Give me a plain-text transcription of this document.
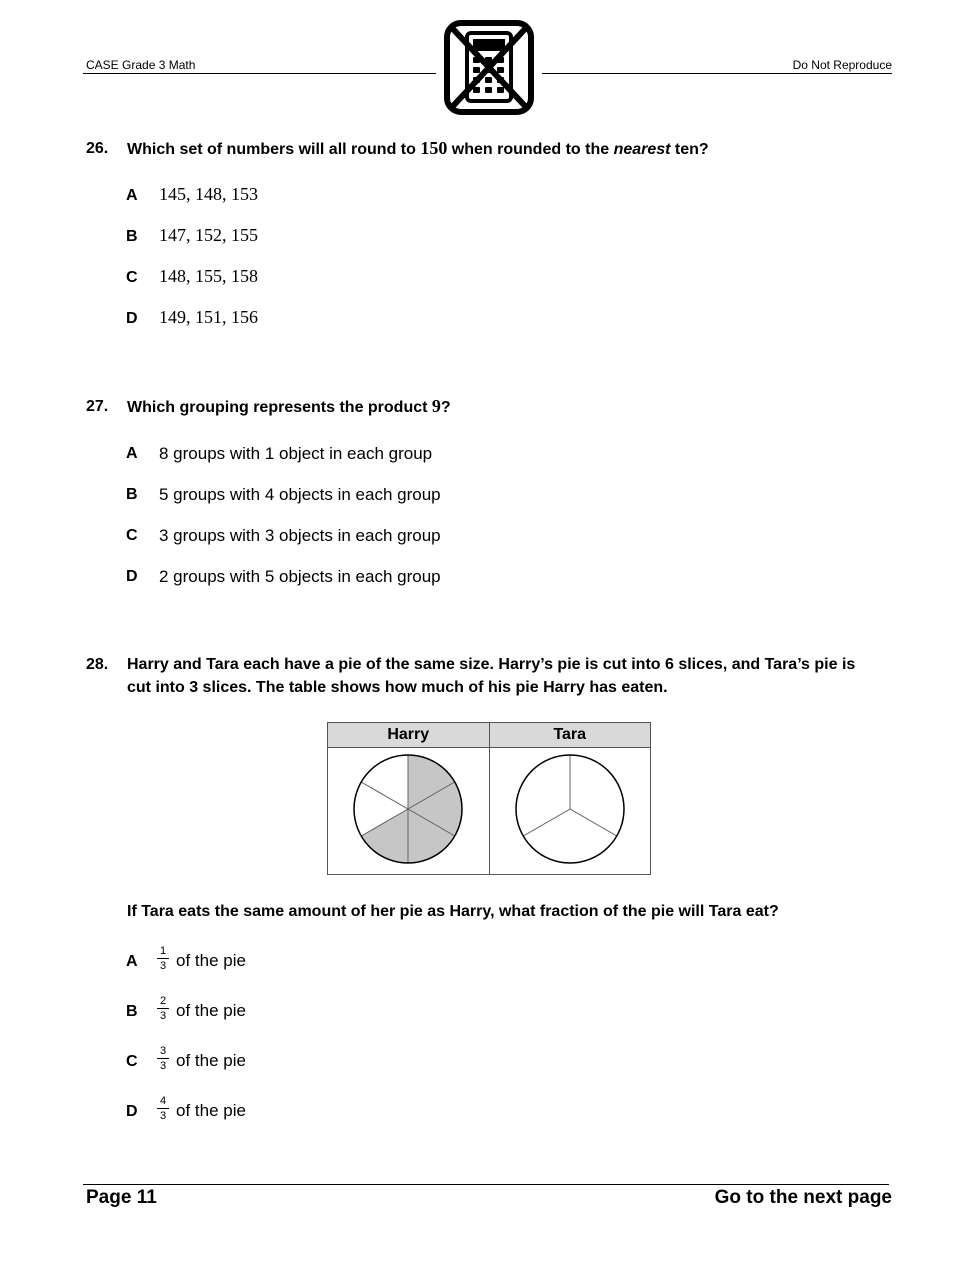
CASE Grade 3 Math	Do Not Reproduce
26. Which set of numbers will all round to 150 when rounded to the nearest ten?
A 145, 148, 153
B 147, 152, 155
C 148, 155, 158
D 149, 151, 156
27. Which grouping represents the product 9?
A 8 groups with 1 object in each group
B 5 groups with 4 objects in each group
C 3 groups with 3 objects in each group
D 2 groups with 5 objects in each group
28. Harry and Tara each have a pie of the same size. Harry’s pie is cut into 6 slices, and Tara’s pie is
cut into 3 slices. The table shows how much of his pie Harry has eaten.
Harry	Tara

If Tara eats the same amount of her pie as Harry, what fraction of the pie will Tara eat?
A
1
3 of the pie
B
2
3 of the pie
C
3
3 of the pie
D
4
3 of the pie
Page 11	Go to the next page
